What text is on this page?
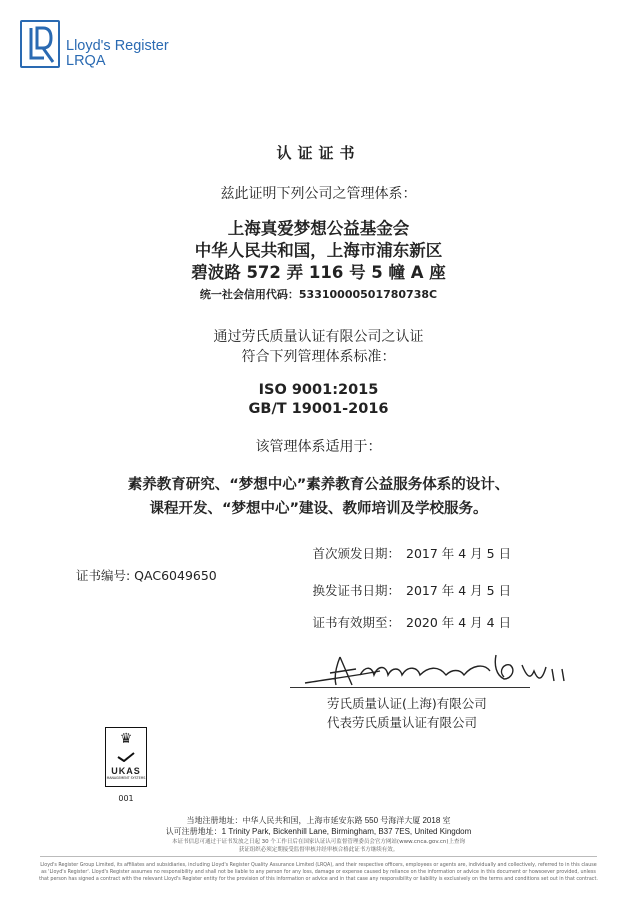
Lloyd's Register
LRQA
认证证书
兹此证明下列公司之管理体系：
上海真爱梦想公益基金会
中华人民共和国，上海市浦东新区
碧波路 572 弄 116 号 5 幢 A 座
统一社会信用代码：53310000501780738C
通过劳氏质量认证有限公司之认证
符合下列管理体系标准：
ISO 9001:2015
GB/T 19001-2016
该管理体系适用于：
素养教育研究、“梦想中心”素养教育公益服务体系的设计、
课程开发、“梦想中心”建设、教师培训及学校服务。
证书编号: QAC6049650
首次颁发日期： 2017 年 4 月 5 日
换发证书日期： 2017 年 4 月 5 日
证书有效期至： 2020 年 4 月 4 日
劳氏质量认证(上海)有限公司
代表劳氏质量认证有限公司
♛
UKAS
MANAGEMENT SYSTEMS
001
当地注册地址：中华人民共和国，上海市延安东路 550 号海洋大厦 2018 室
认可注册地址：1 Trinity Park, Bickenhill Lane, Birmingham, B37 7ES, United Kingdom
本证书信息可通过于证书发放之日起 30 个工作日后在国家认证认可监督管理委员会官方网站(www.cnca.gov.cn)上查询
获证组织必须定期接受监督审核并经审核合格此证书方继续有效。
Lloyd's Register Group Limited, its affiliates and subsidiaries, including Lloyd's Register Quality Assurance Limited (LRQA), and their respective officers, employees or agents are, individually and collectively, referred to in this clause
as 'Lloyd's Register'. Lloyd's Register assumes no responsibility and shall not be liable to any person for any loss, damage or expense caused by reliance on the information or advice in this document or howsoever provided, unless
that person has signed a contract with the relevant Lloyd's Register entity for the provision of this information or advice and in that case any responsibility or liability is exclusively on the terms and conditions set out in that contract.
